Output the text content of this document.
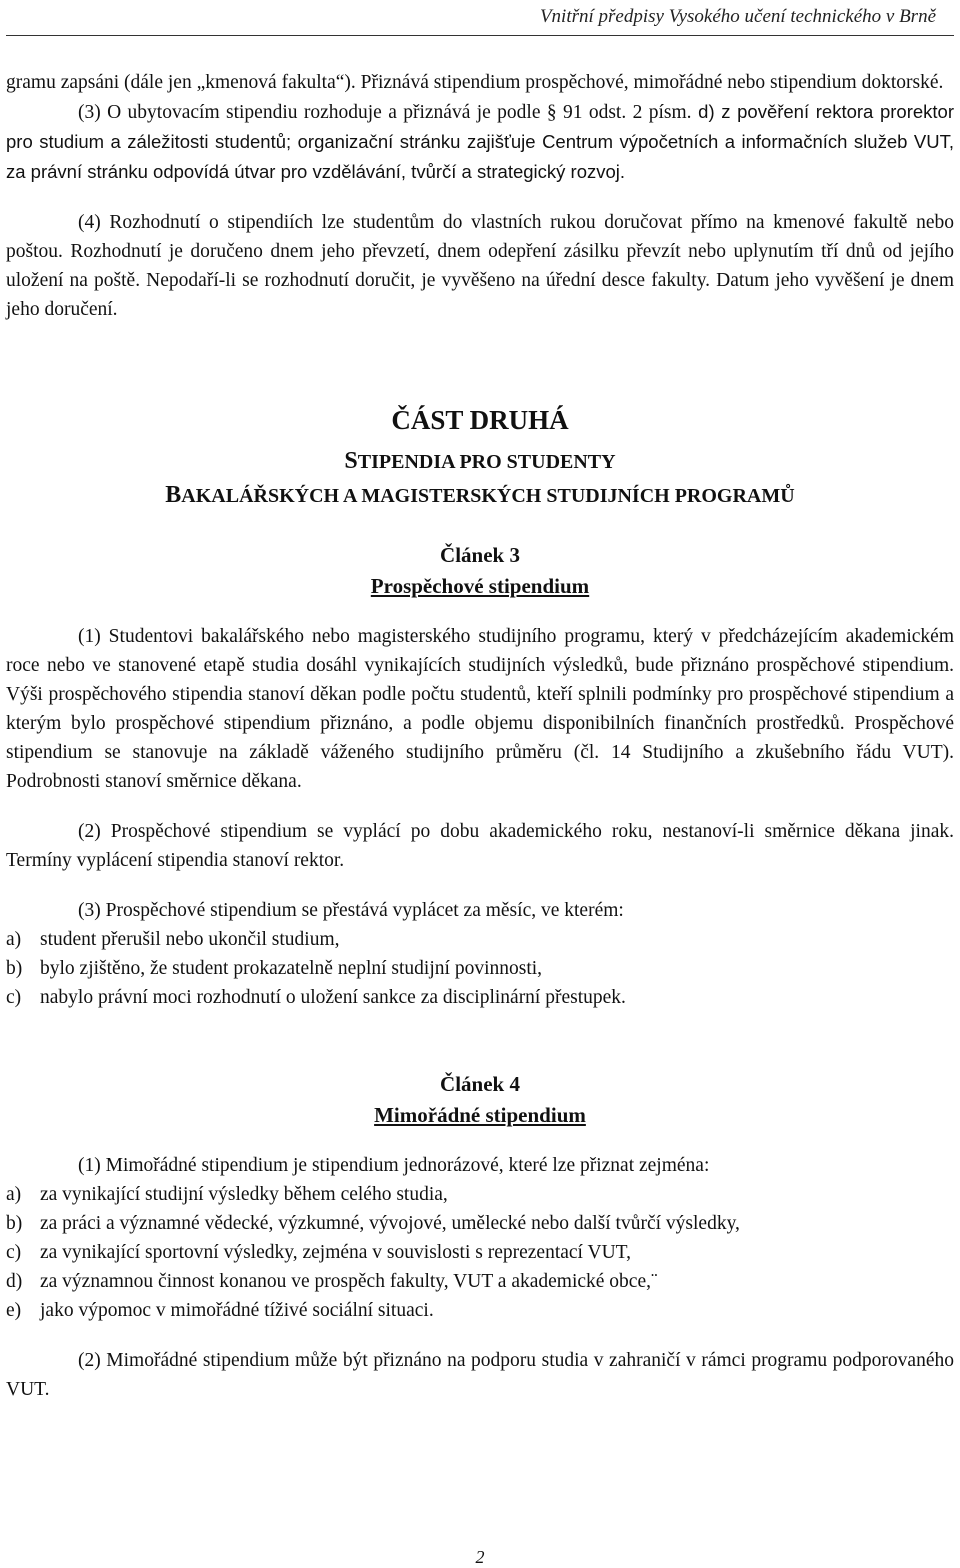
Vnitřní předpisy Vysokého učení technického v Brně

gramu zapsáni (dále jen „kmenová fakulta“). Přiznává stipendium prospěchové, mimořádné nebo stipendium doktorské.

(3) O ubytovacím stipendiu rozhoduje a přiznává je podle § 91 odst. 2 písm. d) z pověření rektora prorektor pro studium a záležitosti studentů; organizační stránku zajišťuje Centrum výpočetních a informačních služeb VUT, za právní stránku odpovídá útvar pro vzdělávání, tvůrčí a strategický rozvoj.

(4) Rozhodnutí o stipendiích lze studentům do vlastních rukou doručovat přímo na kmenové fakultě nebo poštou. Rozhodnutí je doručeno dnem jeho převzetí, dnem odepření zásilku převzít nebo uplynutím tří dnů od jejího uložení na poště. Nepodaří-li se rozhodnutí doručit, je vyvěšeno na úřední desce fakulty. Datum jeho vyvěšení je dnem jeho doručení.

ČÁST DRUHÁ

STIPENDIA PRO STUDENTY

BAKALÁŘSKÝCH A MAGISTERSKÝCH STUDIJNÍCH PROGRAMŮ

Článek 3

Prospěchové stipendium

(1) Studentovi bakalářského nebo magisterského studijního programu, který v předcházejícím akademickém roce nebo ve stanovené etapě studia dosáhl vynikajících studijních výsledků, bude přiznáno prospěchové stipendium. Výši prospěchového stipendia stanoví děkan podle počtu studentů, kteří splnili podmínky pro prospěchové stipendium a kterým bylo prospěchové stipendium přiznáno, a podle objemu disponibilních finančních prostředků. Prospěchové stipendium se stanovuje na základě váženého studijního průměru (čl. 14 Studijního a zkušebního řádu VUT). Podrobnosti stanoví směrnice děkana.

(2) Prospěchové stipendium se vyplácí po dobu akademického roku, nestanoví-li směrnice děkana jinak. Termíny vyplácení stipendia stanoví rektor.

(3) Prospěchové stipendium se přestává vyplácet za měsíc, ve kterém:

a) student přerušil nebo ukončil studium,
b) bylo zjištěno, že student prokazatelně neplní studijní povinnosti,
c) nabylo právní moci rozhodnutí o uložení sankce za disciplinární přestupek.

Článek 4

Mimořádné stipendium

(1) Mimořádné stipendium je stipendium jednorázové, které lze přiznat zejména:

a) za vynikající studijní výsledky během celého studia,
b) za práci a významné vědecké, výzkumné, vývojové, umělecké nebo další tvůrčí výsledky,
c) za vynikající sportovní výsledky, zejména v souvislosti s reprezentací VUT,
d) za významnou činnost konanou ve prospěch fakulty, VUT a akademické obce,¨
e) jako výpomoc v mimořádné tíživé sociální situaci.

(2) Mimořádné stipendium může být přiznáno na podporu studia v zahraničí v rámci programu podporovaného VUT.

2
